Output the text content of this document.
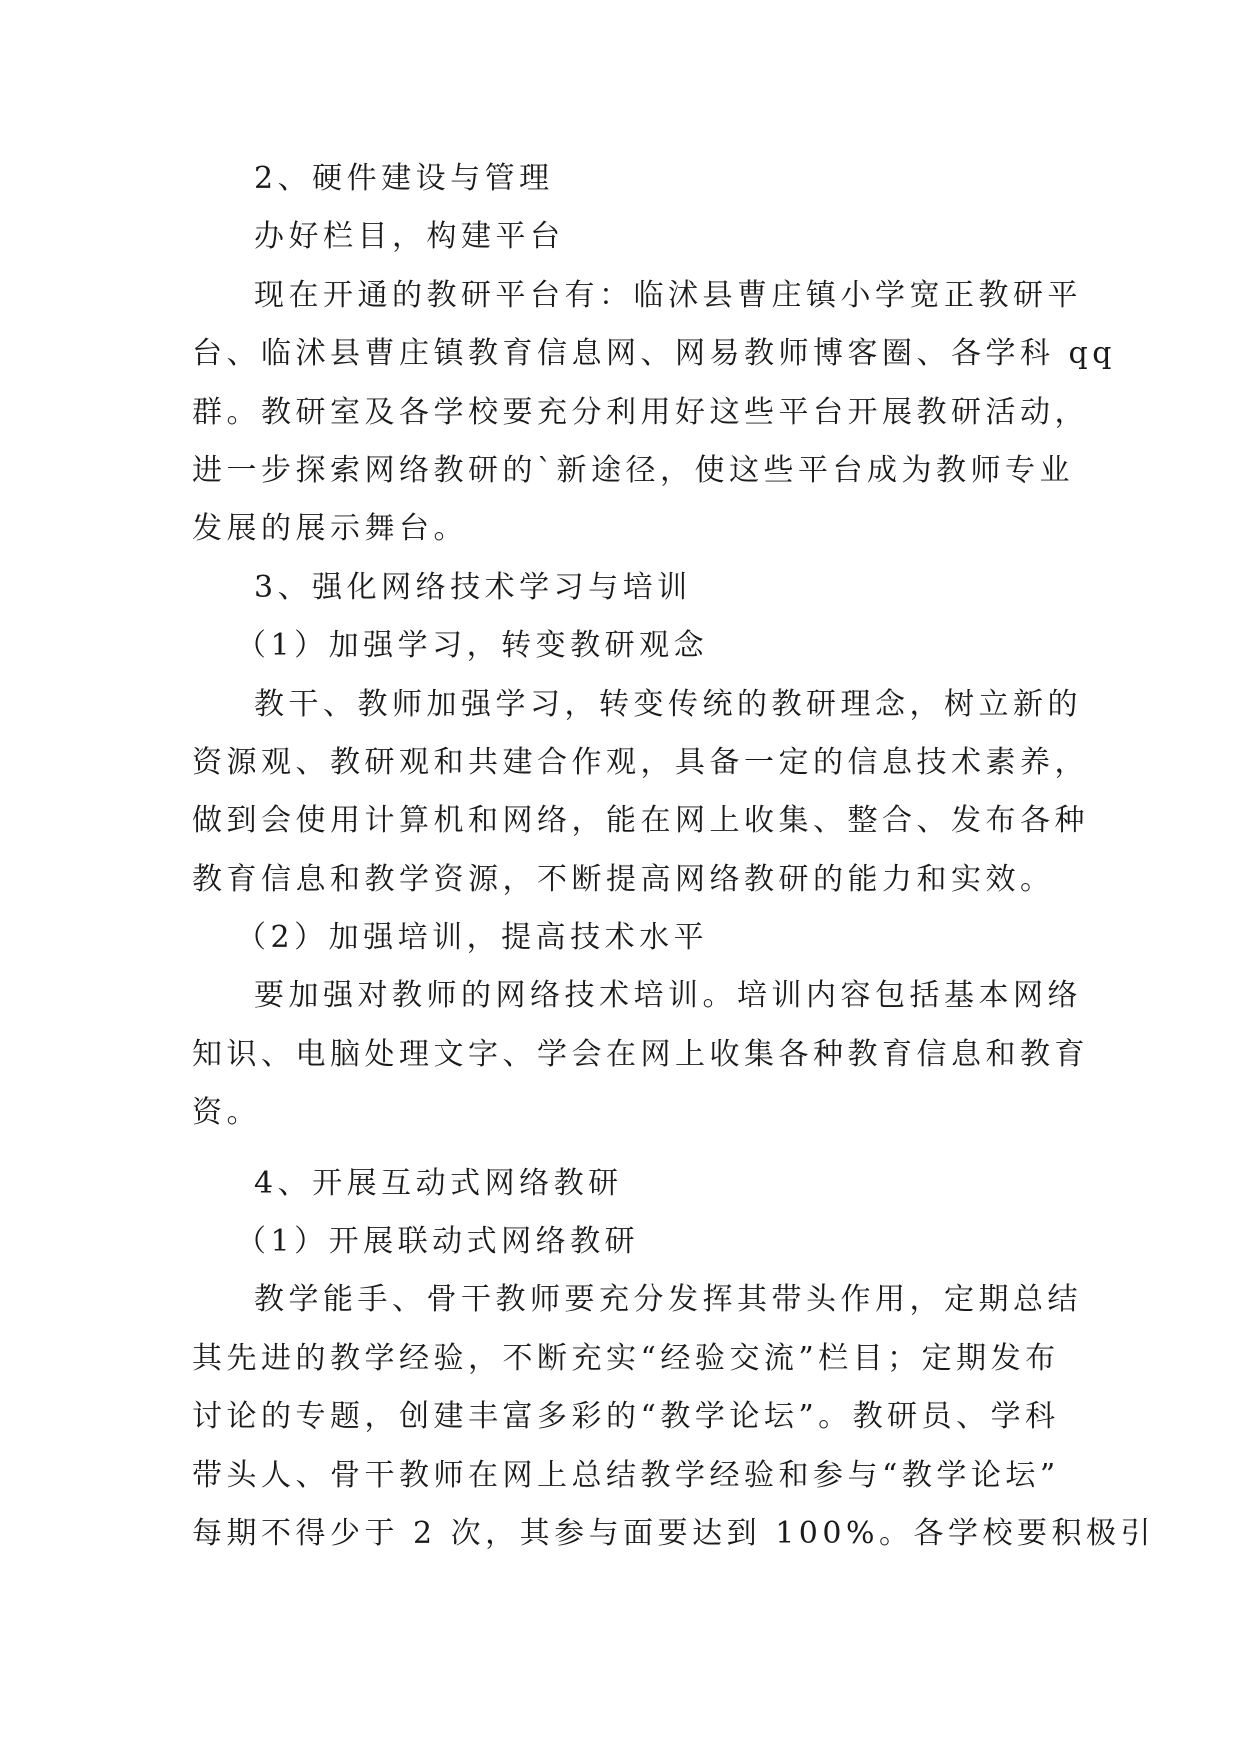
2、硬件建设与管理
办好栏目，构建平台
现在开通的教研平台有：临沭县曹庄镇小学宽正教研平
台、临沭县曹庄镇教育信息网、网易教师博客圈、各学科 qq
群。教研室及各学校要充分利用好这些平台开展教研活动，
进一步探索网络教研的`新途径，使这些平台成为教师专业
发展的展示舞台。
3、强化网络技术学习与培训
（1）加强学习，转变教研观念
教干、教师加强学习，转变传统的教研理念，树立新的
资源观、教研观和共建合作观，具备一定的信息技术素养，
做到会使用计算机和网络，能在网上收集、整合、发布各种
教育信息和教学资源，不断提高网络教研的能力和实效。
（2）加强培训，提高技术水平
要加强对教师的网络技术培训。培训内容包括基本网络
知识、电脑处理文字、学会在网上收集各种教育信息和教育
资。
4、开展互动式网络教研
（1）开展联动式网络教研
教学能手、骨干教师要充分发挥其带头作用，定期总结
其先进的教学经验，不断充实“经验交流”栏目；定期发布
讨论的专题，创建丰富多彩的“教学论坛”。教研员、学科
带头人、骨干教师在网上总结教学经验和参与“教学论坛”
每期不得少于 2 次，其参与面要达到 100%。各学校要积极引
